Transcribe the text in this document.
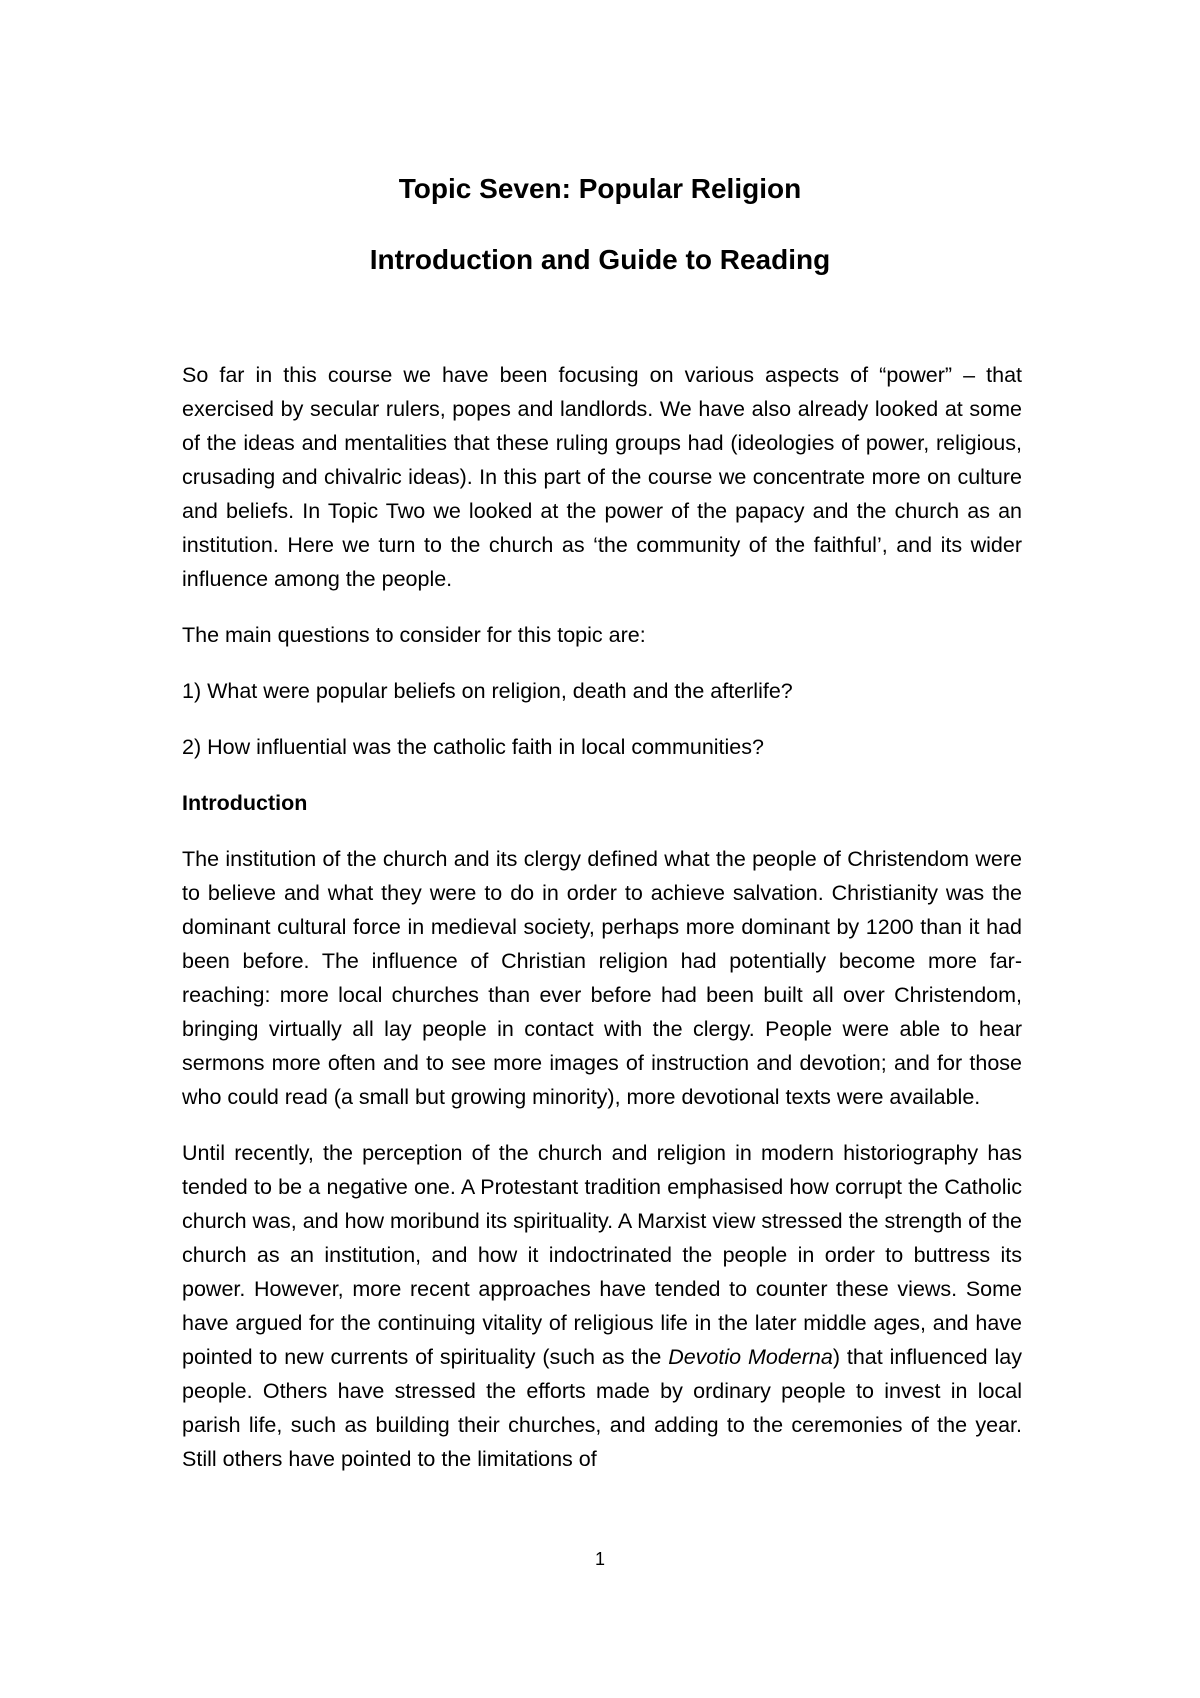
Topic Seven: Popular Religion
Introduction and Guide to Reading

So far in this course we have been focusing on various aspects of “power” – that exercised by secular rulers, popes and landlords. We have also already looked at some of the ideas and mentalities that these ruling groups had (ideologies of power, religious, crusading and chivalric ideas). In this part of the course we concentrate more on culture and beliefs. In Topic Two we looked at the power of the papacy and the church as an institution. Here we turn to the church as ‘the community of the faithful’, and its wider influence among the people.

The main questions to consider for this topic are:

1) What were popular beliefs on religion, death and the afterlife?

2) How influential was the catholic faith in local communities?

Introduction

The institution of the church and its clergy defined what the people of Christendom were to believe and what they were to do in order to achieve salvation. Christianity was the dominant cultural force in medieval society, perhaps more dominant by 1200 than it had been before. The influence of Christian religion had potentially become more far-reaching: more local churches than ever before had been built all over Christendom, bringing virtually all lay people in contact with the clergy. People were able to hear sermons more often and to see more images of instruction and devotion; and for those who could read (a small but growing minority), more devotional texts were available.

Until recently, the perception of the church and religion in modern historiography has tended to be a negative one. A Protestant tradition emphasised how corrupt the Catholic church was, and how moribund its spirituality. A Marxist view stressed the strength of the church as an institution, and how it indoctrinated the people in order to buttress its power. However, more recent approaches have tended to counter these views. Some have argued for the continuing vitality of religious life in the later middle ages, and have pointed to new currents of spirituality (such as the Devotio Moderna) that influenced lay people. Others have stressed the efforts made by ordinary people to invest in local parish life, such as building their churches, and adding to the ceremonies of the year. Still others have pointed to the limitations of

1
